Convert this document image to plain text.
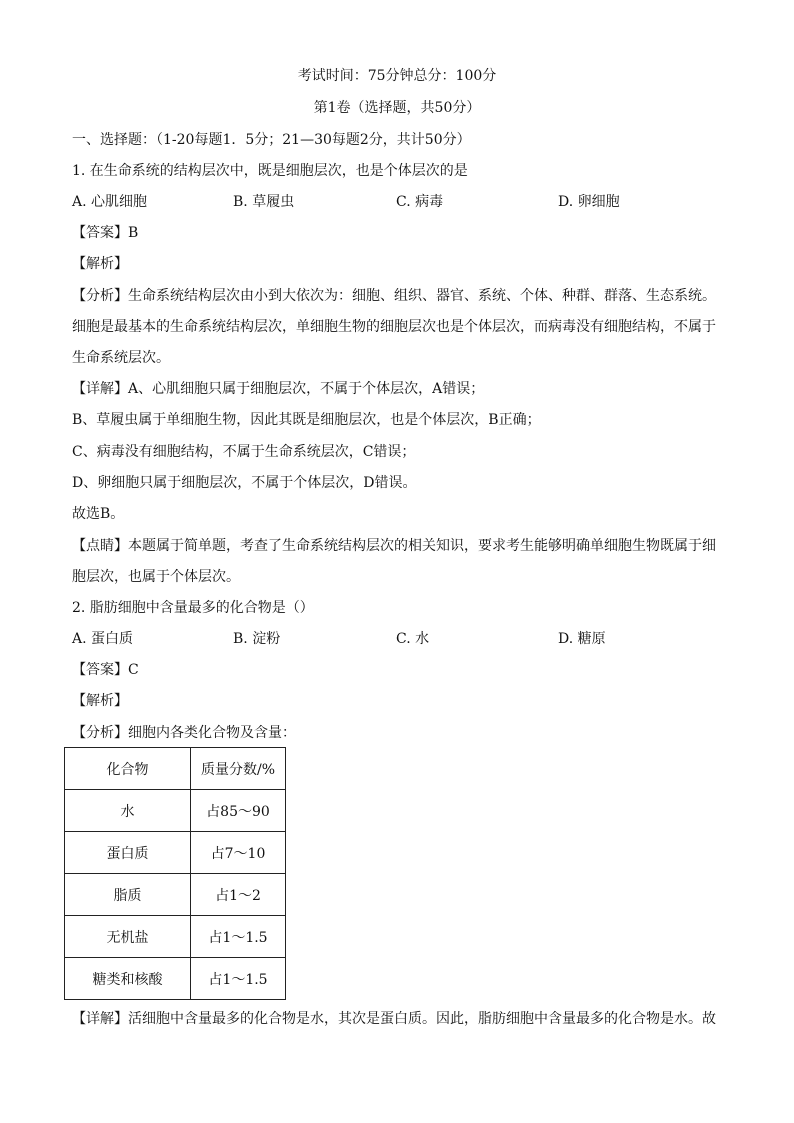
考试时间：75分钟总分：100分
第1卷（选择题，共50分）
一、选择题：（1-20每题1．5分；21—30每题2分，共计50分）
1. 在生命系统的结构层次中，既是细胞层次，也是个体层次的是
A. 心肌细胞	B. 草履虫	C. 病毒	D. 卵细胞
【答案】B
【解析】
【分析】生命系统结构层次由小到大依次为：细胞、组织、器官、系统、个体、种群、群落、生态系统。
细胞是最基本的生命系统结构层次，单细胞生物的细胞层次也是个体层次，而病毒没有细胞结构，不属于
生命系统层次。
【详解】A、心肌细胞只属于细胞层次，不属于个体层次，A错误；
B、草履虫属于单细胞生物，因此其既是细胞层次，也是个体层次，B正确；
C、病毒没有细胞结构，不属于生命系统层次，C错误；
D、卵细胞只属于细胞层次，不属于个体层次，D错误。
故选B。
【点睛】本题属于简单题，考查了生命系统结构层次的相关知识，要求考生能够明确单细胞生物既属于细
胞层次，也属于个体层次。
2. 脂肪细胞中含量最多的化合物是（）
A. 蛋白质	B. 淀粉	C. 水	D. 糖原
【答案】C
【解析】
【分析】细胞内各类化合物及含量：
化合物	质量分数/%
水	占85～90
蛋白质	占7～10
脂质	占1～2
无机盐	占1～1.5
糖类和核酸	占1～1.5
【详解】活细胞中含量最多的化合物是水，其次是蛋白质。因此，脂肪细胞中含量最多的化合物是水。故
